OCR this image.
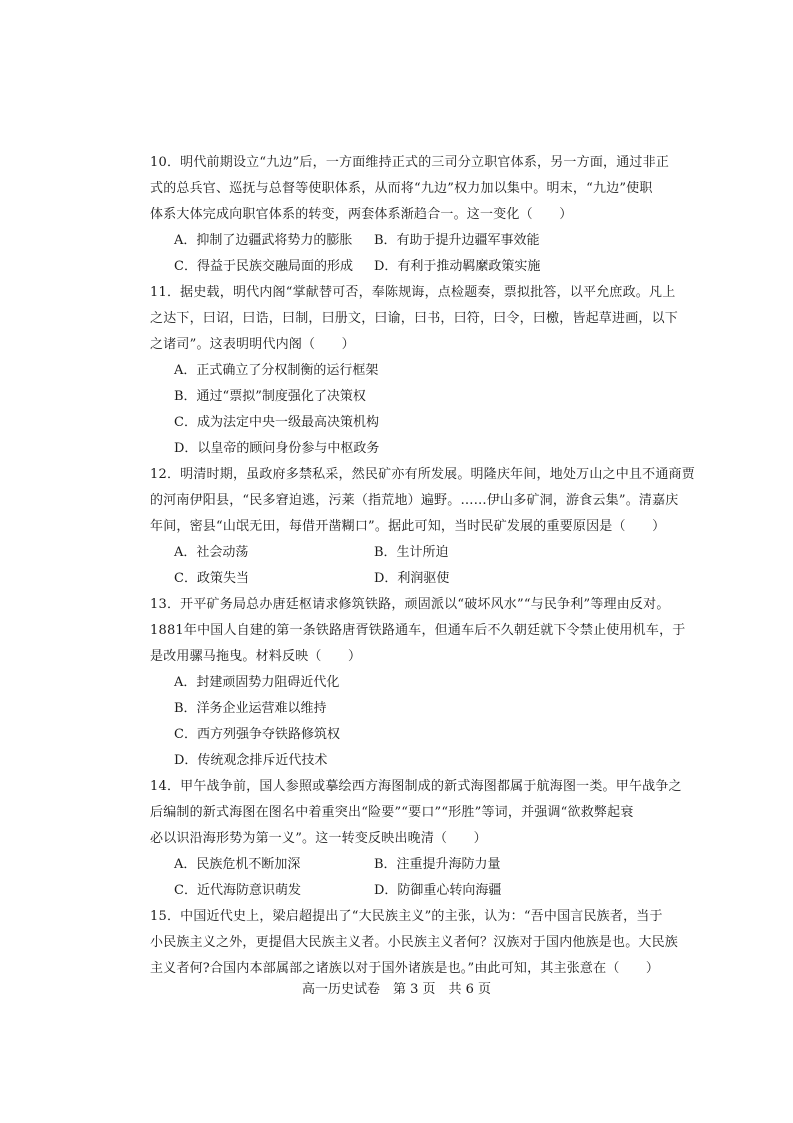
10．明代前期设立“九边”后，一方面维持正式的三司分立职官体系，另一方面，通过非正
式的总兵官、巡抚与总督等使职体系，从而将“九边”权力加以集中。明末，“九边”使职
体系大体完成向职官体系的转变，两套体系渐趋合一。这一变化（　　）
A．抑制了边疆武将势力的膨胀 B．有助于提升边疆军事效能
C．得益于民族交融局面的形成 D．有利于推动羁縻政策实施
11．据史载，明代内阁“掌献替可否，奉陈规诲，点检题奏，票拟批答，以平允庶政。凡上
之达下，曰诏，曰诰，曰制，曰册文，曰谕，曰书，曰符，曰令，曰檄，皆起草进画，以下
之诸司”。这表明明代内阁（　　）
A．正式确立了分权制衡的运行框架
B．通过“票拟”制度强化了决策权
C．成为法定中央一级最高决策机构
D．以皇帝的顾问身份参与中枢政务
12．明清时期，虽政府多禁私采，然民矿亦有所发展。明隆庆年间，地处万山之中且不通商贾
的河南伊阳县，“民多窘迫逃，污莱（指荒地）遍野。……伊山多矿洞，游食云集”。清嘉庆
年间，密县“山氓无田，每借开凿糊口”。据此可知，当时民矿发展的重要原因是（　　）
A．社会动荡	B．生计所迫
C．政策失当	D．利润驱使
13．开平矿务局总办唐廷枢请求修筑铁路，顽固派以“破坏风水”“与民争利”等理由反对。
1881年中国人自建的第一条铁路唐胥铁路通车，但通车后不久朝廷就下令禁止使用机车，于
是改用骡马拖曳。材料反映（　　）
A．封建顽固势力阻碍近代化
B．洋务企业运营难以维持
C．西方列强争夺铁路修筑权
D．传统观念排斥近代技术
14．甲午战争前，国人参照或摹绘西方海图制成的新式海图都属于航海图一类。甲午战争之
后编制的新式海图在图名中着重突出“险要”“要口”“形胜”等词，并强调“欲救弊起衰
必以识沿海形势为第一义”。这一转变反映出晚清（　　）
A．民族危机不断加深	B．注重提升海防力量
C．近代海防意识萌发	D．防御重心转向海疆
15．中国近代史上，梁启超提出了“大民族主义”的主张，认为：“吾中国言民族者，当于
小民族主义之外，更提倡大民族主义者。小民族主义者何？汉族对于国内他族是也。大民族
主义者何?合国内本部属部之诸族以对于国外诸族是也。”由此可知，其主张意在（　　）
高一历史试卷　第 3 页　共 6 页
